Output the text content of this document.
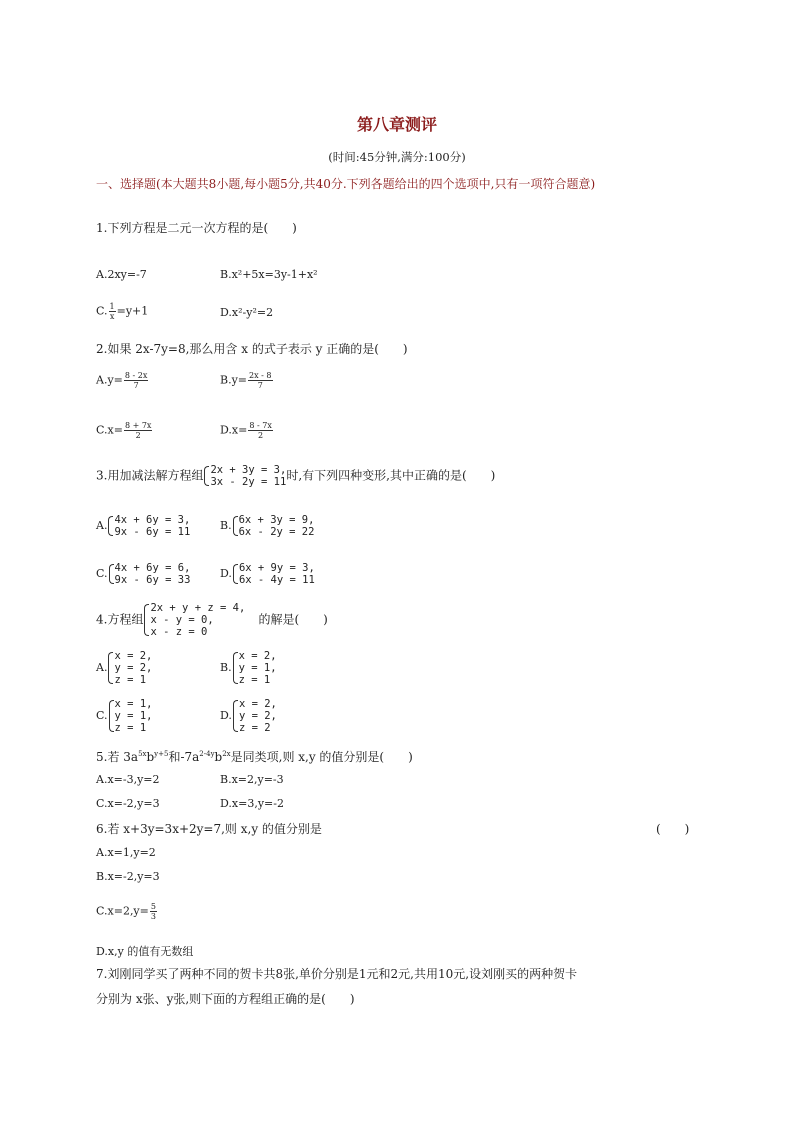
第八章测评
(时间:45分钟,满分:100分)
一、选择题(本大题共8小题,每小题5分,共40分.下列各题给出的四个选项中,只有一项符合题意)
1.下列方程是二元一次方程的是(　　)
A.2xy=-7	B.x²+5x=3y-1+x²
C. $\frac{1}{x} =y+1$	D.x²-y²=2
2.如果 2x-7y=8,那么用含 x 的式子表示 y 正确的是(　　)
$A.y= \frac{8 - 2x}{7}$	$B.y= \frac{2x - 8}{7}$
$C.x= \frac{8 + 7x}{2}$	$D.x= \frac{8 - 7x}{2}$
3.用加减法解方程组 2x + 3y = 3,
3x - 2y = 11 时,有下列四种变形,其中正确的是(　　)
A. 4x + 6y = 3,
9x - 6y = 11	B. 6x + 3y = 9,
6x - 2y = 22
C. 4x + 6y = 6,
9x - 6y = 33	D. 6x + 9y = 3,
6x - 4y = 11
4.方程组
2x + y + z = 4,
x - y = 0,
x - z = 0
的解是(　　)
A.
x = 2,
y = 2,
z = 1
B.
x = 2,
y = 1,
z = 1
C.
x = 1,
y = 1,
z = 1
D.
x = 2,
y = 2,
z = 2
5.若 $3a^{5x}b^{y+5}$和$-7a^{2-4y}b^{2x}$是同类项,则 x,y 的值分别是(　　)
A.x=-3,y=2	B.x=2,y=-3
C.x=-2,y=3	D.x=3,y=-2
6.若 x+3y=3x+2y=7,则 x,y 的值分别是	(　　)
A.x=1,y=2
B.x=-2,y=3
$C.x=2,y= \frac{5}{3}$
D.x,y 的值有无数组
7.刘刚同学买了两种不同的贺卡共8张,单价分别是1元和2元,共用10元,设刘刚买的两种贺卡
分别为 x张、y张,则下面的方程组正确的是(　　)
